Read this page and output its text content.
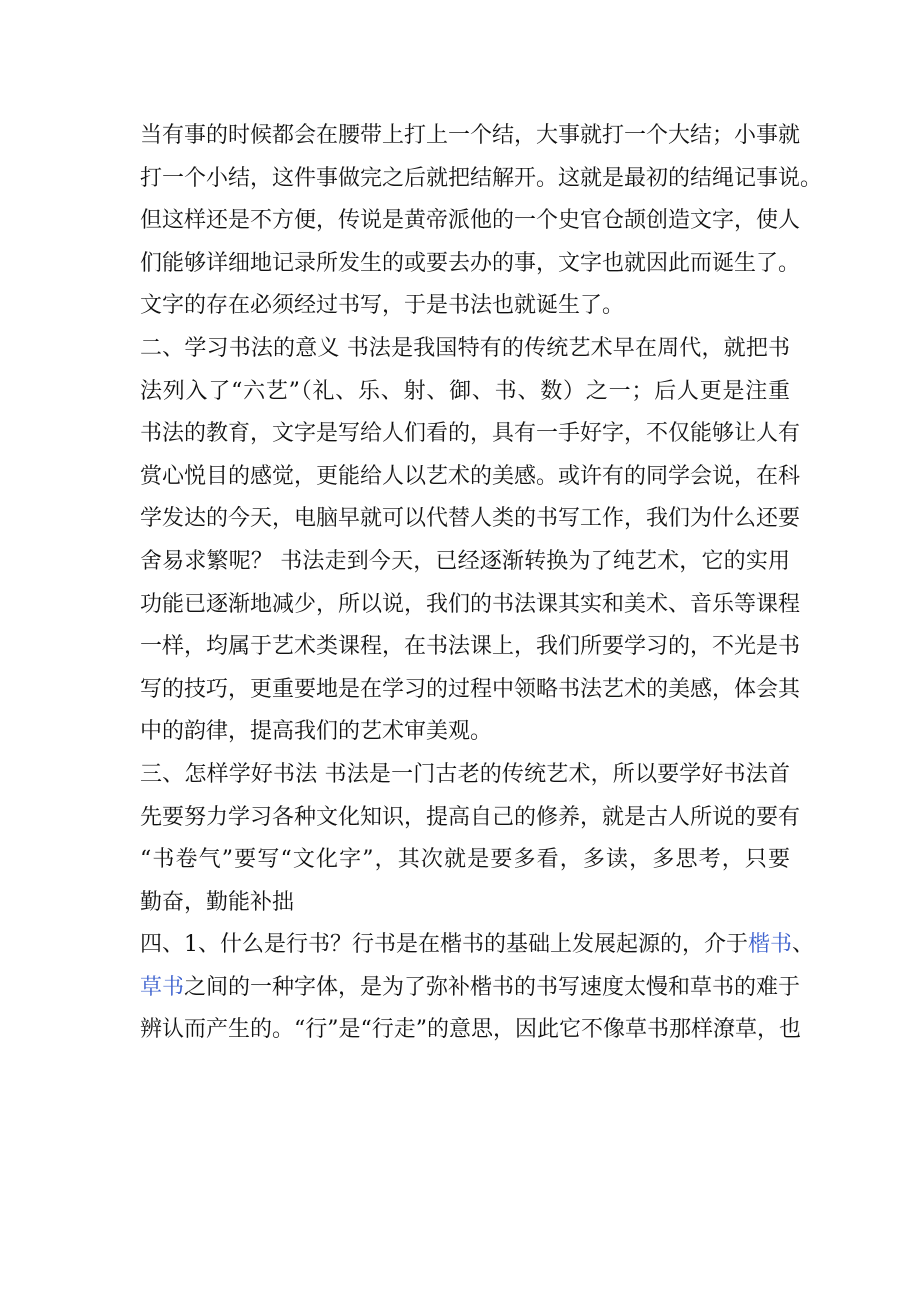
当有事的时候都会在腰带上打上一个结，大事就打一个大结；小事就
打一个小结，这件事做完之后就把结解开。这就是最初的结绳记事说。
但这样还是不方便，传说是黄帝派他的一个史官仓颉创造文字，使人
们能够详细地记录所发生的或要去办的事，文字也就因此而诞生了。
文字的存在必须经过书写，于是书法也就诞生了。
二、学习书法的意义 书法是我国特有的传统艺术早在周代，就把书
法列入了“六艺”（礼、乐、射、御、书、数）之一；后人更是注重
书法的教育，文字是写给人们看的，具有一手好字，不仅能够让人有
赏心悦目的感觉，更能给人以艺术的美感。或许有的同学会说，在科
学发达的今天，电脑早就可以代替人类的书写工作，我们为什么还要
舍易求繁呢？ 书法走到今天，已经逐渐转换为了纯艺术，它的实用
功能已逐渐地减少，所以说，我们的书法课其实和美术、音乐等课程
一样，均属于艺术类课程，在书法课上，我们所要学习的，不光是书
写的技巧，更重要地是在学习的过程中领略书法艺术的美感，体会其
中的韵律，提高我们的艺术审美观。
三、怎样学好书法 书法是一门古老的传统艺术，所以要学好书法首
先要努力学习各种文化知识，提高自己的修养，就是古人所说的要有
“书卷气”要写“文化字”，其次就是要多看，多读，多思考，只要
勤奋，勤能补拙
四、1、什么是行书？行书是在楷书的基础上发展起源的，介于楷书、
草书之间的一种字体，是为了弥补楷书的书写速度太慢和草书的难于
辨认而产生的。“行”是“行走”的意思，因此它不像草书那样潦草，也
